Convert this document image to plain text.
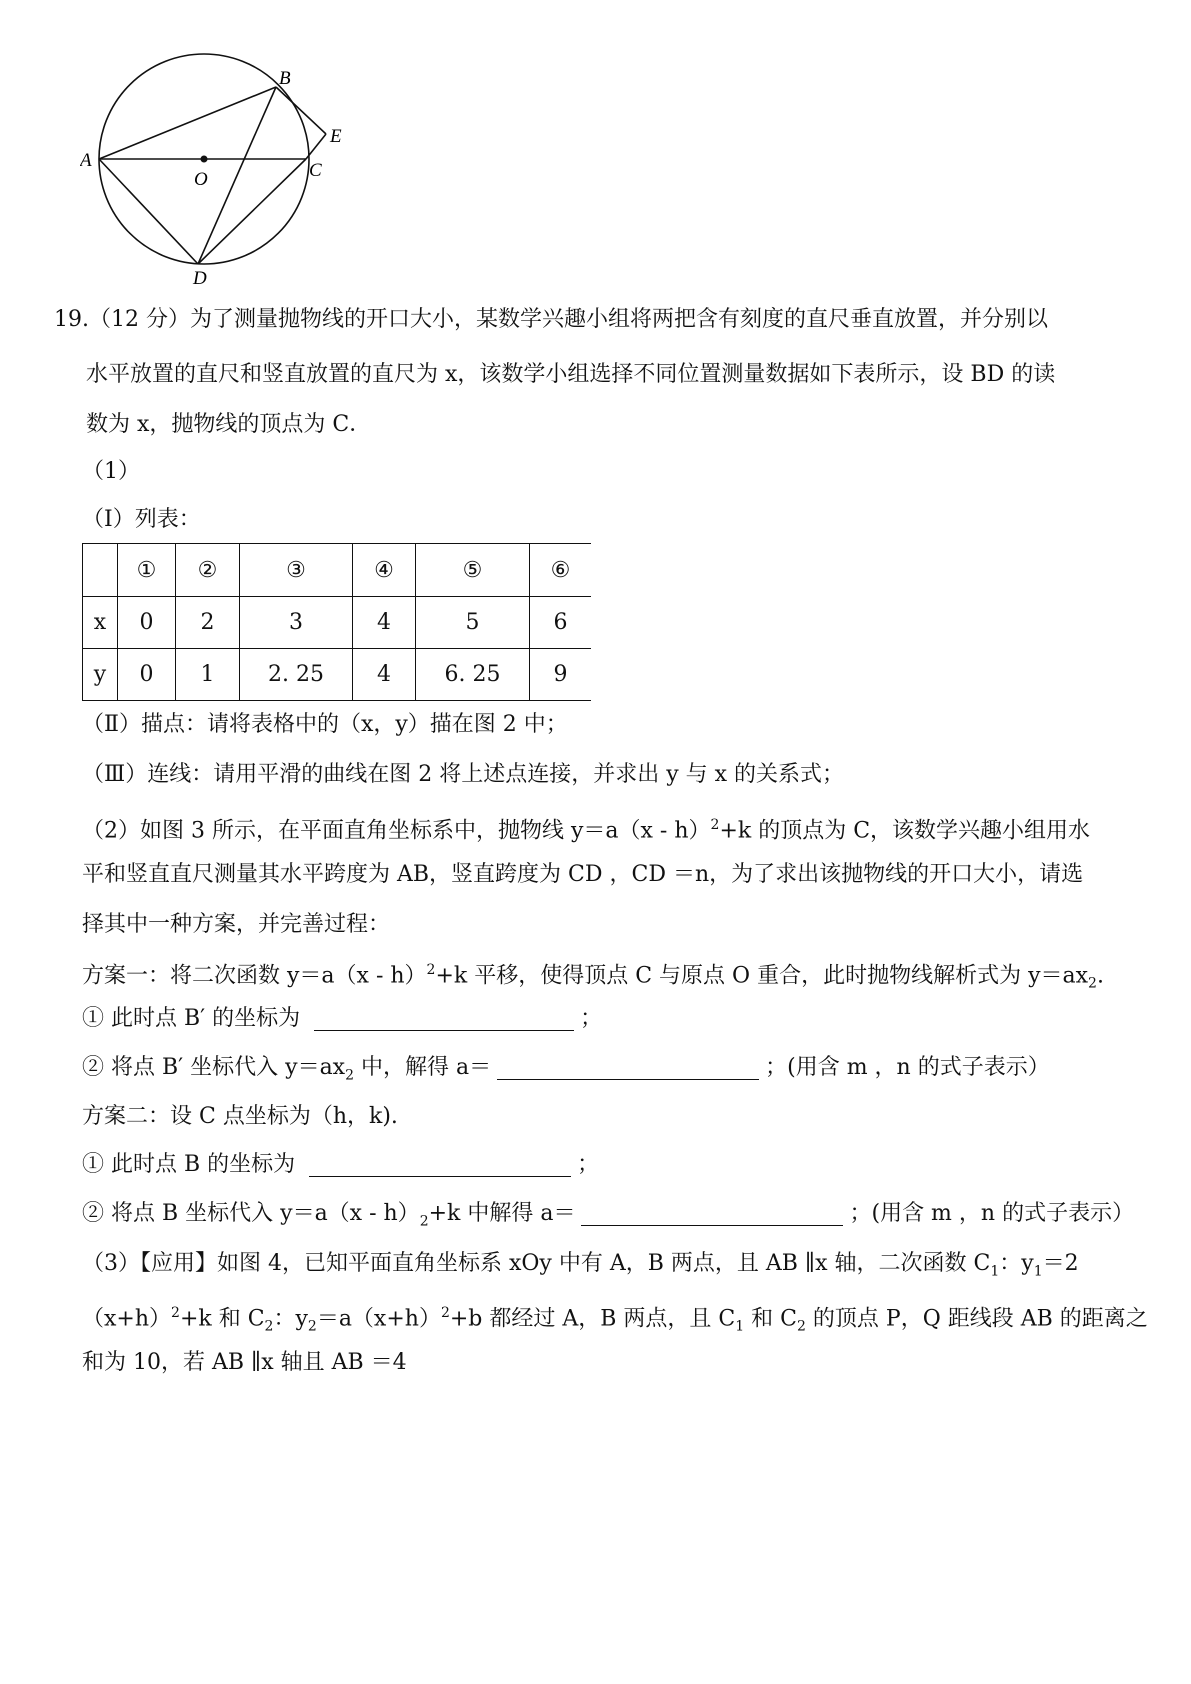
A
B
C
D
E
O
19.（12 分）为了测量抛物线的开口大小，某数学兴趣小组将两把含有刻度的直尺垂直放置，并分别以
水平放置的直尺和竖直放置的直尺为 x，该数学小组选择不同位置测量数据如下表所示，设 BD 的读
数为 x，抛物线的顶点为 C．
（1）
（Ⅰ）列表：
	①	②	③	④	⑤	⑥
x	0	2	3	4	5	6
y	0	1	2. 25	4	6. 25	9
（Ⅱ）描点：请将表格中的（x，y）描在图 2 中；
（Ⅲ）连线：请用平滑的曲线在图 2 将上述点连接，并求出 y 与 x 的关系式；
（2）如图 3 所示，在平面直角坐标系中，抛物线 y＝a（x - h）$^2$+k 的顶点为 C，该数学兴趣小组用水
平和竖直直尺测量其水平跨度为 AB，竖直跨度为 CD ，CD ＝n，为了求出该抛物线的开口大小，请选
择其中一种方案，并完善过程：
方案一：将二次函数 y＝a（x - h）$^2$+k 平移，使得顶点 C 与原点 O 重合，此时抛物线解析式为 $y=ax_2$.
① 此时点 B′ 的坐标为	；
② 将点 B′ 坐标代入 $y=ax_2$ 中，解得 a＝	；(用含 m ，n 的式子表示）
方案二：设 C 点坐标为（h，k).
① 此时点 B 的坐标为	；
② 将点 B 坐标代入 $y=a(x - h)_2+k$ 中解得 a＝	；(用含 m ，n 的式子表示）
（3）【应用】如图 4，已知平面直角坐标系 xOy 中有 A，B 两点，且 AB ∥x 轴，二次函数 $C_1$：$y_1=2$
$(x+h)^2+k$ 和 $C_2$：$y_2=a(x+h)^2+b$ 都经过 A，B 两点，且 $C_1$ 和 $C_2$ 的顶点 P，Q 距线段 AB 的距离之
和为 10，若 AB ∥x 轴且 AB ＝4
